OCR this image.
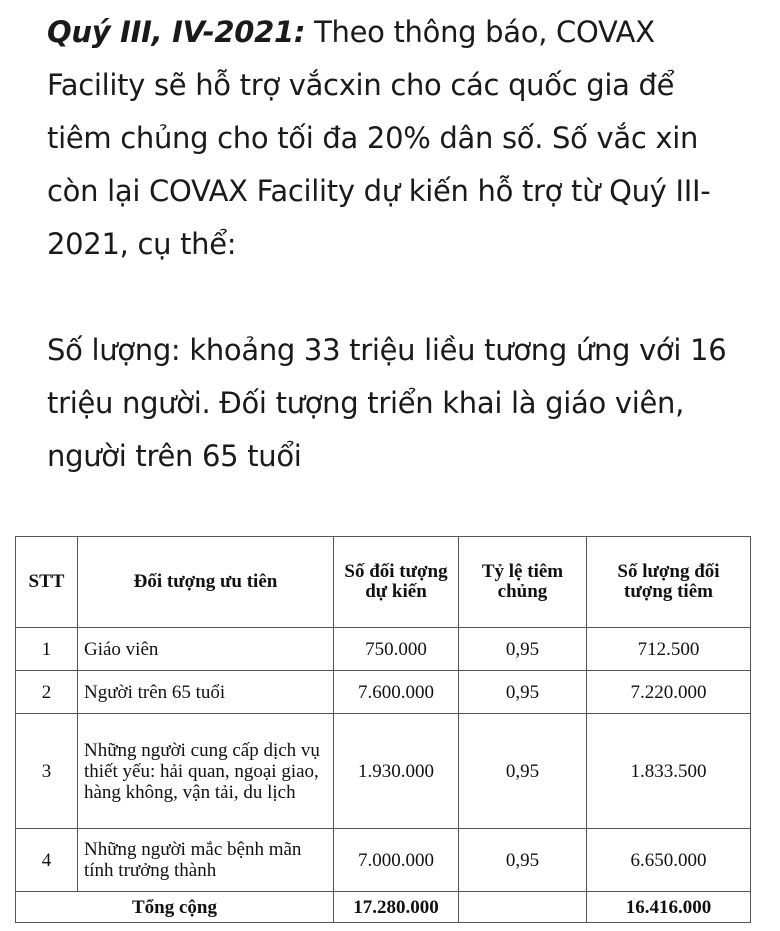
Quý III, IV-2021: Theo thông báo, COVAX Facility sẽ hỗ trợ vắcxin cho các quốc gia để tiêm chủng cho tối đa 20% dân số. Số vắc xin còn lại COVAX Facility dự kiến hỗ trợ từ Quý III-2021, cụ thể:

Số lượng: khoảng 33 triệu liều tương ứng với 16 triệu người. Đối tượng triển khai là giáo viên, người trên 65 tuổi

STT	Đối tượng ưu tiên	Số đối tượng dự kiến	Tỷ lệ tiêm chủng	Số lượng đối tượng tiêm
1	Giáo viên	750.000	0,95	712.500
2	Người trên 65 tuổi	7.600.000	0,95	7.220.000
3	Những người cung cấp dịch vụ thiết yếu: hải quan, ngoại giao, hàng không, vận tải, du lịch	1.930.000	0,95	1.833.500
4	Những người mắc bệnh mãn tính trưởng thành	7.000.000	0,95	6.650.000
Tổng cộng		17.280.000		16.416.000
